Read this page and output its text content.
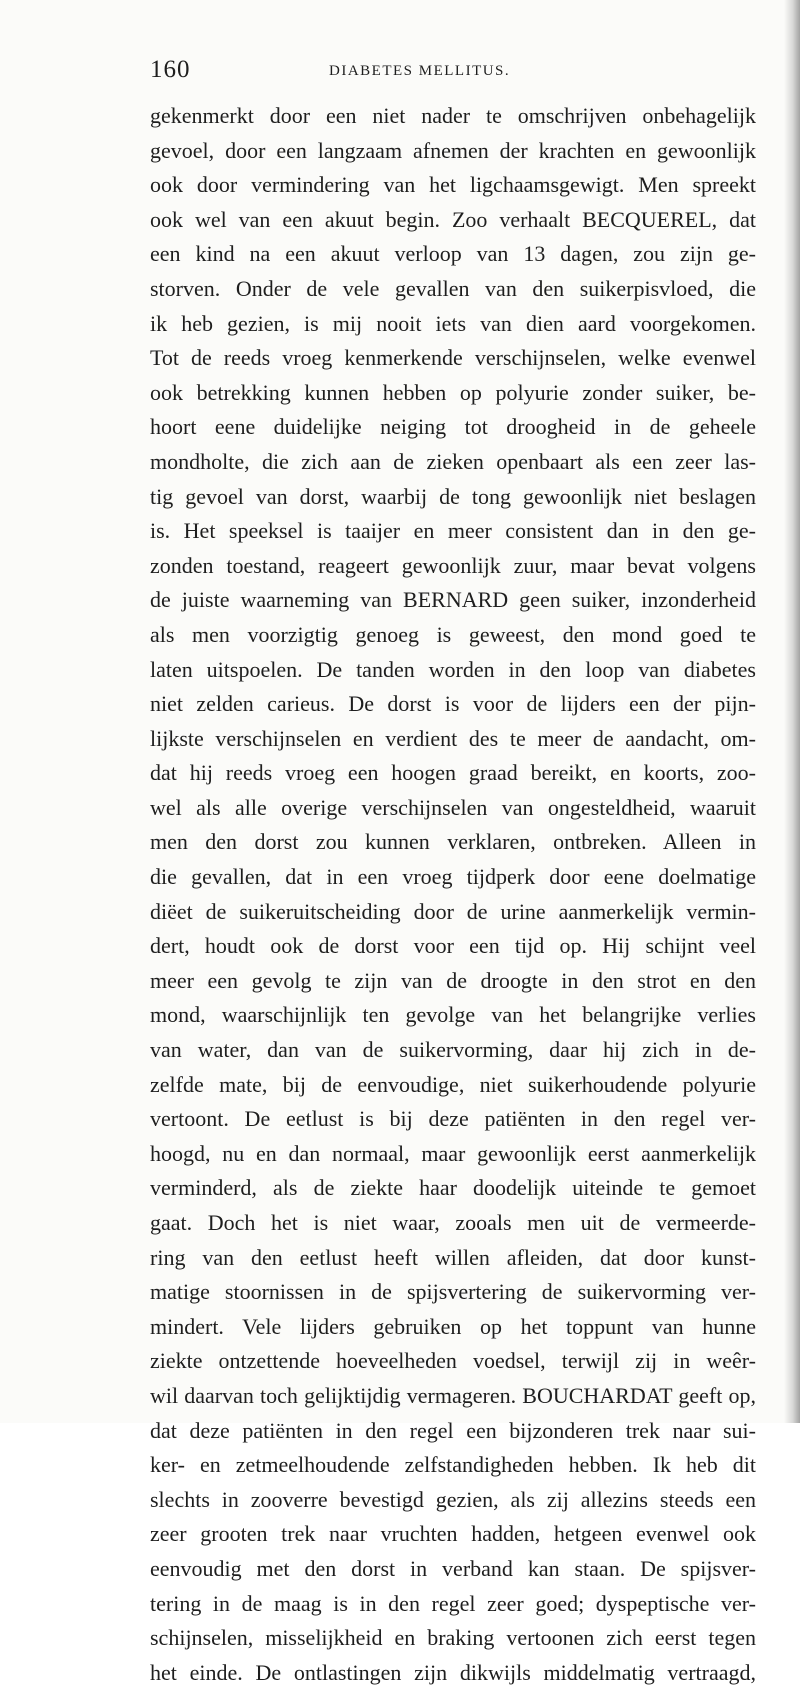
160	DIABETES MELLITUS.
gekenmerkt door een niet nader te omschrijven onbehagelijk
gevoel, door een langzaam afnemen der krachten en gewoonlijk
ook door vermindering van het ligchaamsgewigt. Men spreekt
ook wel van een akuut begin. Zoo verhaalt BECQUEREL, dat
een kind na een akuut verloop van 13 dagen, zou zijn ge-
storven. Onder de vele gevallen van den suikerpisvloed, die
ik heb gezien, is mij nooit iets van dien aard voorgekomen.
Tot de reeds vroeg kenmerkende verschijnselen, welke evenwel
ook betrekking kunnen hebben op polyurie zonder suiker, be-
hoort eene duidelijke neiging tot droogheid in de geheele
mondholte, die zich aan de zieken openbaart als een zeer las-
tig gevoel van dorst, waarbij de tong gewoonlijk niet beslagen
is. Het speeksel is taaijer en meer consistent dan in den ge-
zonden toestand, reageert gewoonlijk zuur, maar bevat volgens
de juiste waarneming van BERNARD geen suiker, inzonderheid
als men voorzigtig genoeg is geweest, den mond goed te
laten uitspoelen. De tanden worden in den loop van diabetes
niet zelden carieus. De dorst is voor de lijders een der pijn-
lijkste verschijnselen en verdient des te meer de aandacht, om-
dat hij reeds vroeg een hoogen graad bereikt, en koorts, zoo-
wel als alle overige verschijnselen van ongesteldheid, waaruit
men den dorst zou kunnen verklaren, ontbreken. Alleen in
die gevallen, dat in een vroeg tijdperk door eene doelmatige
diëet de suikeruitscheiding door de urine aanmerkelijk vermin-
dert, houdt ook de dorst voor een tijd op. Hij schijnt veel
meer een gevolg te zijn van de droogte in den strot en den
mond, waarschijnlijk ten gevolge van het belangrijke verlies
van water, dan van de suikervorming, daar hij zich in de-
zelfde mate, bij de eenvoudige, niet suikerhoudende polyurie
vertoont. De eetlust is bij deze patiënten in den regel ver-
hoogd, nu en dan normaal, maar gewoonlijk eerst aanmerkelijk
verminderd, als de ziekte haar doodelijk uiteinde te gemoet
gaat. Doch het is niet waar, zooals men uit de vermeerde-
ring van den eetlust heeft willen afleiden, dat door kunst-
matige stoornissen in de spijsvertering de suikervorming ver-
mindert. Vele lijders gebruiken op het toppunt van hunne
ziekte ontzettende hoeveelheden voedsel, terwijl zij in weêr-
wil daarvan toch gelijktijdig vermageren. BOUCHARDAT geeft op,
dat deze patiënten in den regel een bijzonderen trek naar sui-
ker- en zetmeelhoudende zelfstandigheden hebben. Ik heb dit
slechts in zooverre bevestigd gezien, als zij allezins steeds een
zeer grooten trek naar vruchten hadden, hetgeen evenwel ook
eenvoudig met den dorst in verband kan staan. De spijsver-
tering in de maag is in den regel zeer goed; dyspeptische ver-
schijnselen, misselijkheid en braking vertoonen zich eerst tegen
het einde. De ontlastingen zijn dikwijls middelmatig vertraagd,
